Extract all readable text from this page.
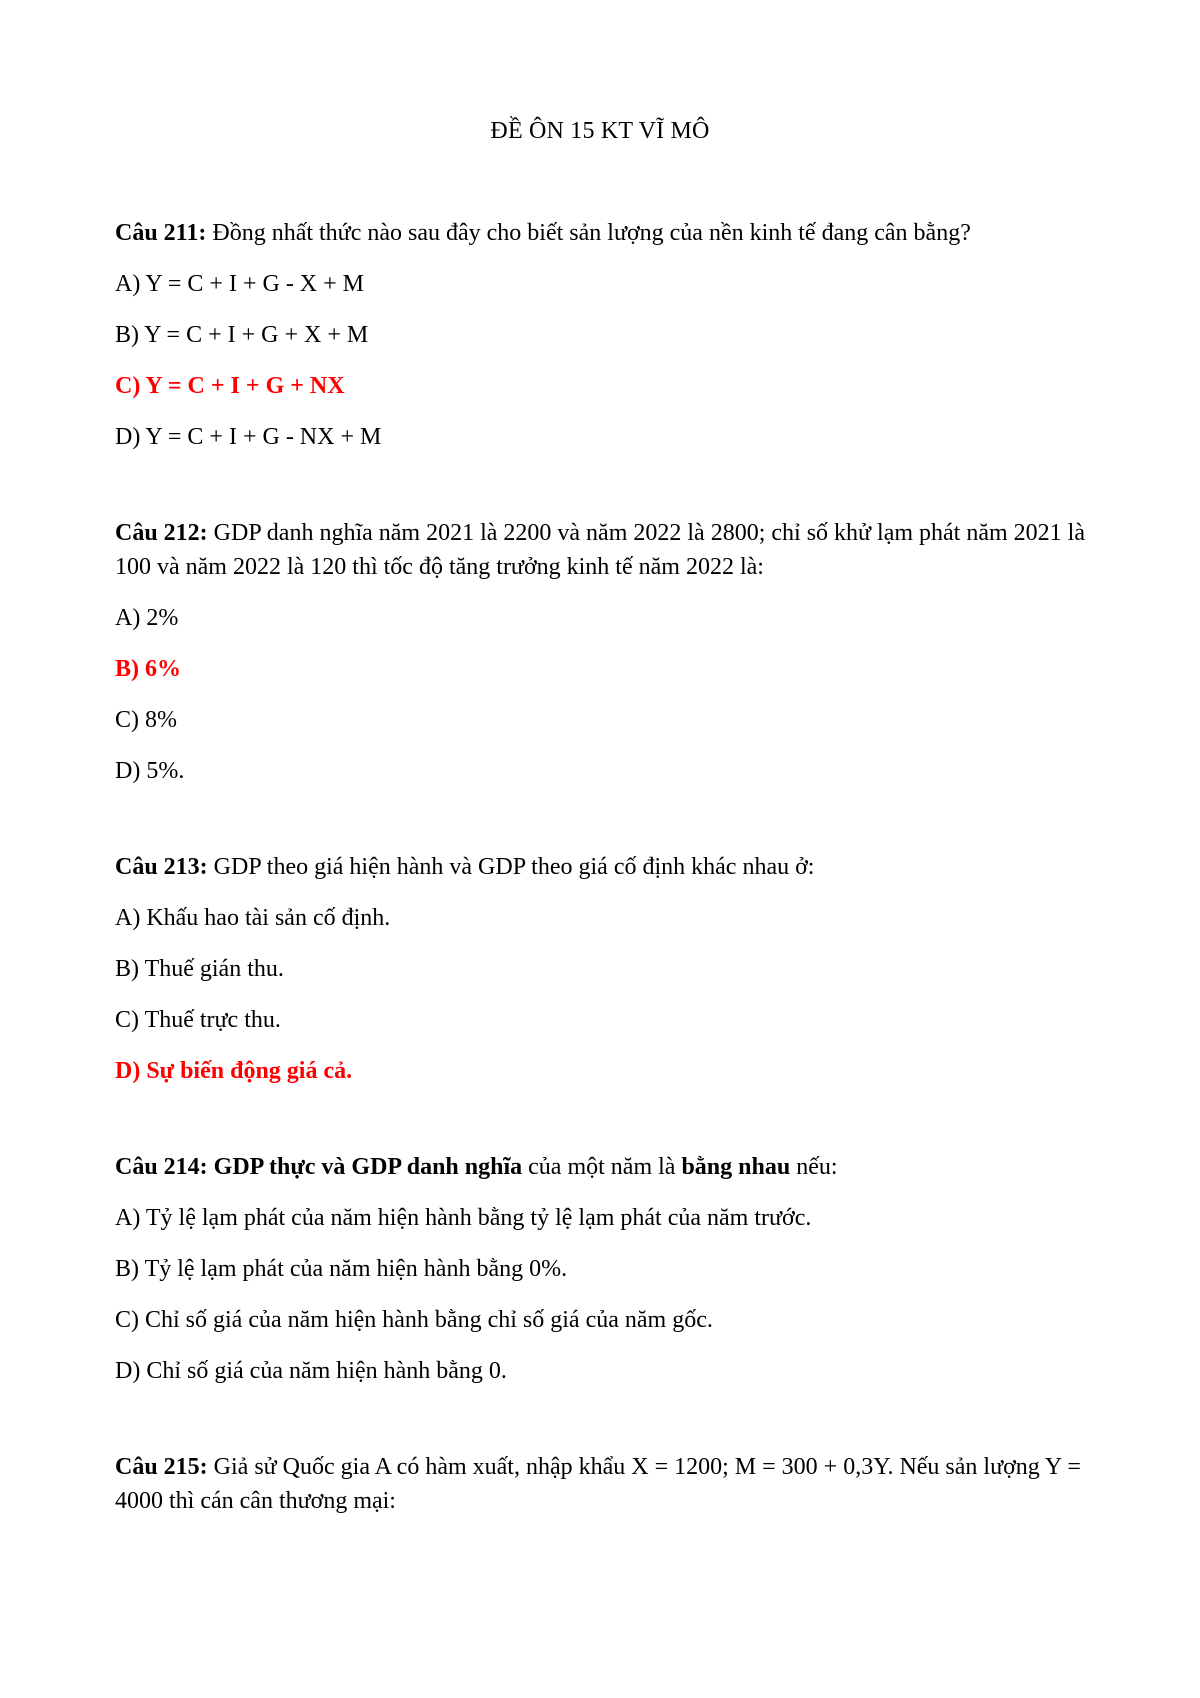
ĐỀ ÔN 15 KT VĨ MÔ

Câu 211: Đồng nhất thức nào sau đây cho biết sản lượng của nền kinh tế đang cân bằng?

A) Y = C + I + G - X + M
B) Y = C + I + G + X + M
C) Y = C + I + G + NX
D) Y = C + I + G - NX + M

Câu 212: GDP danh nghĩa năm 2021 là 2200 và năm 2022 là 2800; chỉ số khử lạm phát năm 2021 là 100 và năm 2022 là 120 thì tốc độ tăng trưởng kinh tế năm 2022 là:

A) 2%
B) 6%
C) 8%
D) 5%.

Câu 213: GDP theo giá hiện hành và GDP theo giá cố định khác nhau ở:

A) Khấu hao tài sản cố định.
B) Thuế gián thu.
C) Thuế trực thu.
D) Sự biến động giá cả.

Câu 214: GDP thực và GDP danh nghĩa của một năm là bằng nhau nếu:

A) Tỷ lệ lạm phát của năm hiện hành bằng tỷ lệ lạm phát của năm trước.
B) Tỷ lệ lạm phát của năm hiện hành bằng 0%.
C) Chỉ số giá của năm hiện hành bằng chỉ số giá của năm gốc.
D) Chỉ số giá của năm hiện hành bằng 0.

Câu 215: Giả sử Quốc gia A có hàm xuất, nhập khẩu X = 1200; M = 300 + 0,3Y. Nếu sản lượng Y = 4000 thì cán cân thương mại:
